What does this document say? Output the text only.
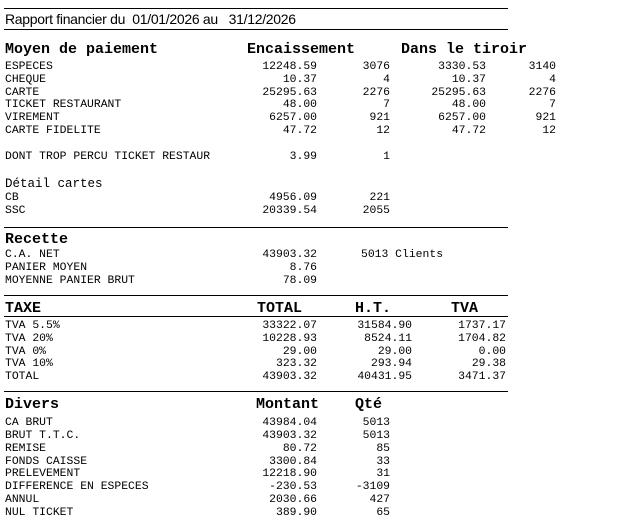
Rapport financier du  01/01/2026 au   31/12/2026
Moyen de paiement	Encaissement	Dans le tiroir
ESPECES	12248.59	3076	3330.53	3140
CHEQUE	10.37	4	10.37	4
CARTE	25295.63	2276	25295.63	2276
TICKET RESTAURANT	48.00	7	48.00	7
VIREMENT	6257.00	921	6257.00	921
CARTE FIDELITE	47.72	12	47.72	12
DONT TROP PERCU TICKET RESTAUR	3.99	1
Détail cartes
CB	4956.09	221
SSC	20339.54	2055
Recette
C.A. NET	43903.32	5013 Clients
PANIER MOYEN	8.76
MOYENNE PANIER BRUT	78.09
TAXE	TOTAL	H.T.	TVA
TVA 5.5%	33322.07	31584.90	1737.17
TVA 20%	10228.93	8524.11	1704.82
TVA 0%	29.00	29.00	0.00
TVA 10%	323.32	293.94	29.38
TOTAL	43903.32	40431.95	3471.37
Divers	Montant Qté
CA BRUT	43984.04	5013
BRUT T.T.C.	43903.32	5013
REMISE	80.72	85
FONDS CAISSE	3300.84	33
PRELEVEMENT	12218.90	31
DIFFERENCE EN ESPECES	-230.53	-3109
ANNUL	2030.66	427
NUL TICKET	389.90	65
